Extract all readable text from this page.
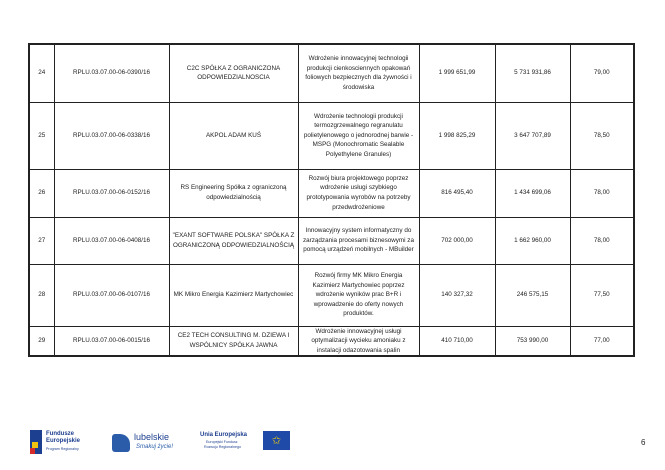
24	RPLU.03.07.00-06-0390/16	C2C SPÓŁKA Z OGRANICZONA ODPOWIEDZIALNOSCIA	Wdrożenie innowacyjnej technologii produkcji cienkosciennych opakowań foliowych bezpiecznych dla żywności i środowiska	1 999 651,99	5 731 931,86	79,00
25	RPLU.03.07.00-06-0338/16	AKPOL ADAM KUŚ	Wdrożenie technologii produkcji termozgrzewalnego regranulatu polietylenowego o jednorodnej barwie - MSPG (Monochromatic Sealable Polyethylene Granules)	1 998 825,29	3 647 707,89	78,50
26	RPLU.03.07.00-06-0152/16	RS Engineering Spółka z ograniczoną odpowiedzialnością	Rozwój biura projektowego poprzez wdrożenie usługi szybkiego prototypowania wyrobów na potrzeby przedwdrożeniowe	816 495,40	1 434 699,06	78,00
27	RPLU.03.07.00-06-0408/16	"EXANT SOFTWARE POLSKA" SPÓŁKA Z OGRANICZONĄ ODPOWIEDZIALNOŚCIĄ	Innowacyjny system informatyczny do zarządzania procesami biznesowymi za pomocą urządzeń mobilnych - MBuilder	702 000,00	1 662 960,00	78,00
28	RPLU.03.07.00-06-0107/16	MK Mikro Energia Kazimierz Martychowiec	Rozwój firmy MK Mikro Energia Kazimierz Martychowiec poprzez wdrożenie wyników prac B+R i wprowadzenie do oferty nowych produktów.	140 327,32	246 575,15	77,50
29	RPLU.03.07.00-06-0015/16	CE2 TECH CONSULTING M. DZIEWA I WSPÓLNICY SPÓŁKA JAWNA	Wdrożenie innowacyjnej usługi optymalizacji wycieku amoniaku z instalacji odazotowania spalin	410 710,00	753 990,00	77,00
Fundusze
Europejskie
Program Regionalny
lubelskie
Smakuj życie!
Unia Europejska
Europejski Fundusz
Rozwoju Regionalnego	✩	6
